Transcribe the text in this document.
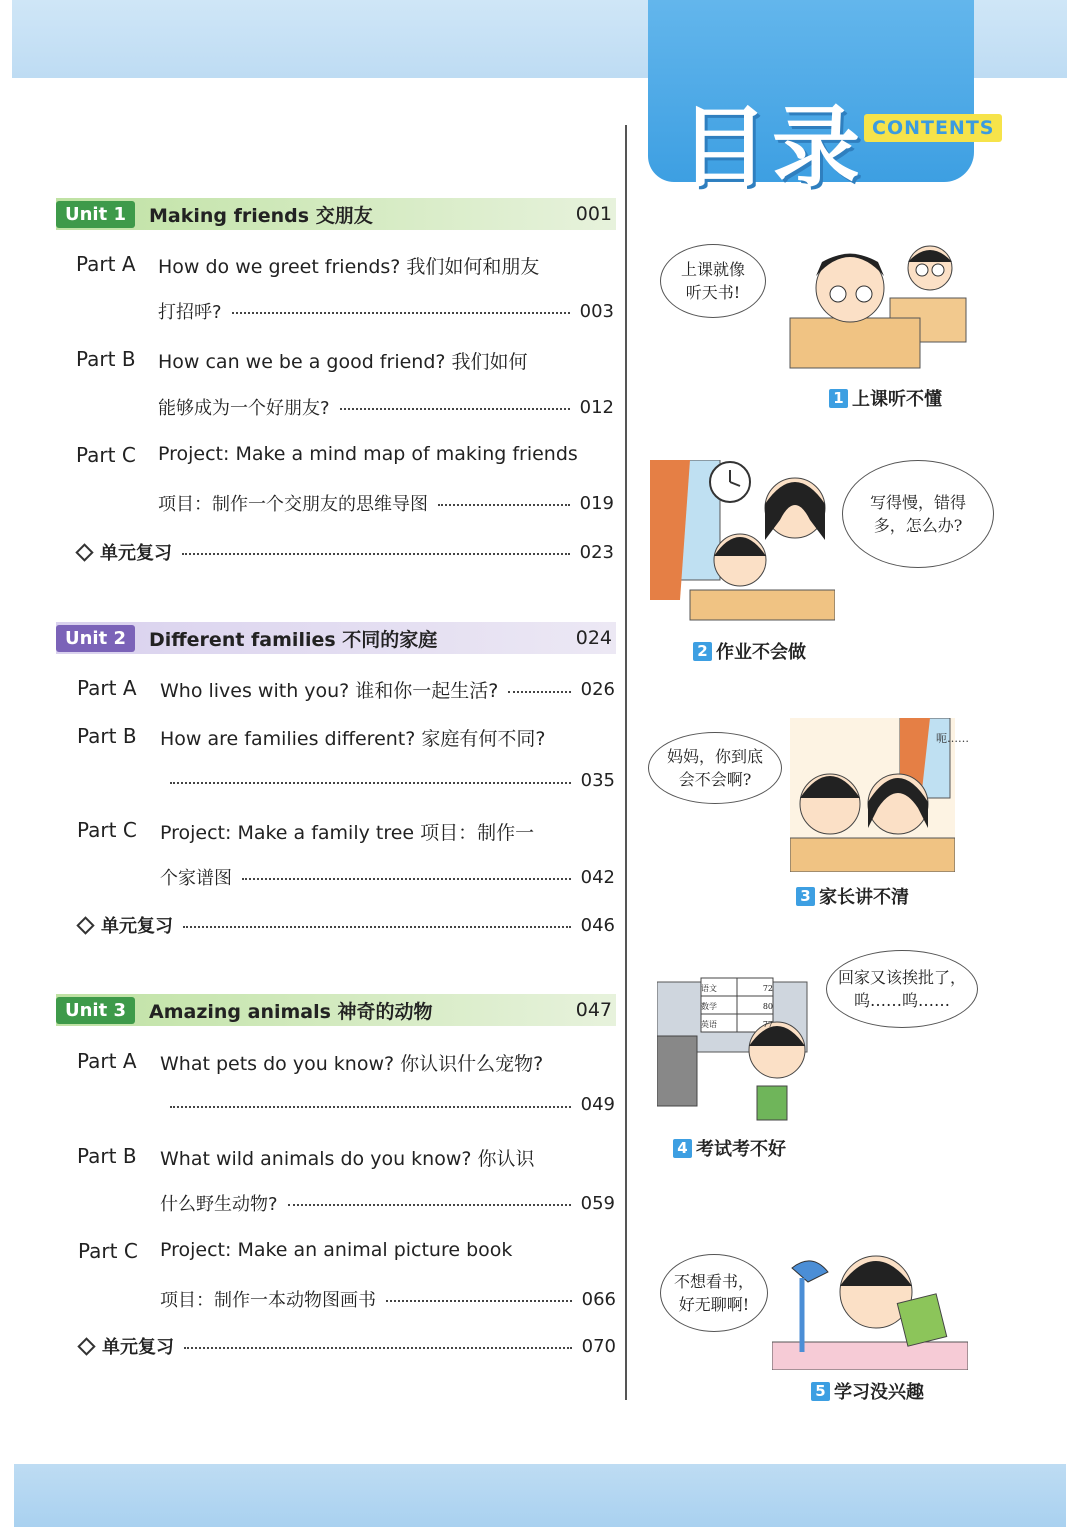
目录 CONTENTS
Unit 1	Making friends 交朋友	001
Part A How do we greet friends? 我们如何和朋友
打招呼?	003
Part B How can we be a good friend? 我们如何
能够成为一个好朋友?	012
Part C Project: Make a mind map of making friends
项目：制作一个交朋友的思维导图	019
单元复习	023
Unit 2	Different families 不同的家庭	024
Part A Who lives with you? 谁和你一起生活?	026
Part B How are families different? 家庭有何不同?
035
Part C Project: Make a family tree 项目：制作一
个家谱图	042
单元复习	046
Unit 3	Amazing animals 神奇的动物	047
Part A What pets do you know? 你认识什么宠物?
049
Part B What wild animals do you know? 你认识
什么野生动物?	059
Part C Project: Make an animal picture book
项目：制作一本动物图画书	066
单元复习	070
上课就像
听天书!
1 上课听不懂
写得慢，错得
多，怎么办?
2 作业不会做
妈妈，你到底
会不会啊?
呃……
3 家长讲不清
语文	72
数学	80
英语	77
回家又该挨批了，
呜……呜……
4 考试考不好
不想看书，
好无聊啊!
5 学习没兴趣
